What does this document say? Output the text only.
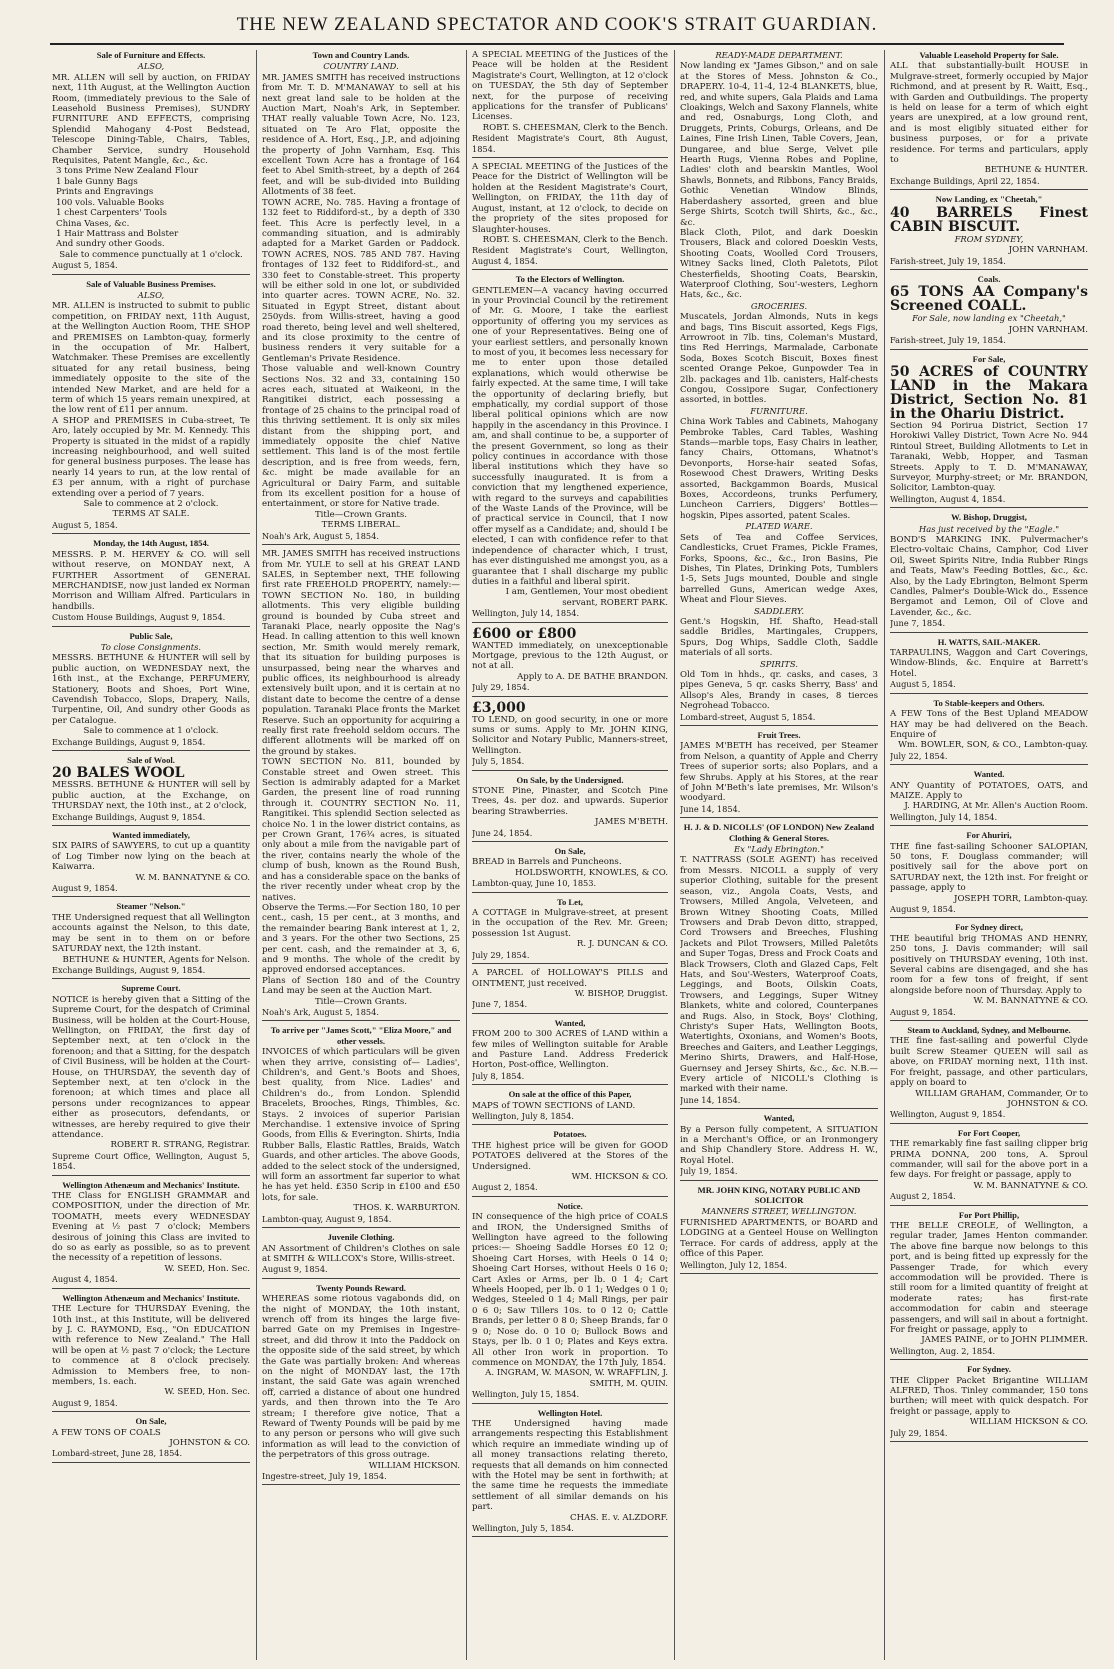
THE NEW ZEALAND SPECTATOR AND COOK'S STRAIT GUARDIAN.
Sale of Furniture and Effects.
ALSO,

MR. ALLEN will sell by auction, on FRIDAY next, 11th August, at the Wellington Auction Room, (immediately previous to the Sale of Leasehold Business Premises), SUNDRY FURNITURE AND EFFECTS, comprising Splendid Mahogany 4-Post Bedstead, Telescope Dining-Table, Chairs, Tables, Chamber Service, sundry Household Requisites, Patent Mangle, &c., &c.

3 tons Prime New Zealand Flour
1 bale Gunny Bags
Prints and Engravings
100 vols. Valuable Books
1 chest Carpenters' Tools
China Vases, &c.
1 Hair Mattrass and Bolster
And sundry other Goods.

Sale to commence punctually at 1 o'clock.

August 5, 1854.

Sale of Valuable Business Premises.
ALSO,

MR. ALLEN is instructed to submit to public competition, on FRIDAY next, 11th August, at the Wellington Auction Room, THE SHOP and PREMISES on Lambton-quay, formerly in the occupation of Mr. Halbert, Watchmaker. These Premises are excellently situated for any retail business, being immediately opposite to the site of the intended New Market, and are held for a term of which 15 years remain unexpired, at the low rent of £11 per annum.

A SHOP and PREMISES in Cuba-street, Te Aro, lately occupied by Mr. M. Kennedy. This Property is situated in the midst of a rapidly increasing neighbourhood, and well suited for general business purposes. The lease has nearly 14 years to run, at the low rental of £3 per annum, with a right of purchase extending over a period of 7 years.

Sale to commence at 2 o'clock.

TERMS AT SALE.

August 5, 1854.

Monday, the 14th August, 1854.

MESSRS. P. M. HERVEY & CO. will sell without reserve, on MONDAY next, A FURTHER Assortment of GENERAL MERCHANDISE, now just landed ex Norman Morrison and William Alfred. Particulars in handbills.

Custom House Buildings, August 9, 1854.

Public Sale,
To close Consignments.

MESSRS. BETHUNE & HUNTER will sell by public auction, on WEDNESDAY next, the 16th inst., at the Exchange, PERFUMERY, Stationery, Boots and Shoes, Port Wine, Cavendish Tobacco, Slops, Drapery, Nails, Turpentine, Oil, And sundry other Goods as per Catalogue.

Sale to commence at 1 o'clock.

Exchange Buildings, August 9, 1854.

Sale of Wool.

20 BALES WOOL

MESSRS. BETHUNE & HUNTER will sell by public auction, at the Exchange, on THURSDAY next, the 10th inst., at 2 o'clock,

Exchange Buildings, August 9, 1854.

Wanted immediately,

SIX PAIRS of SAWYERS, to cut up a quantity of Log Timber now lying on the beach at Kaiwarra.

W. M. BANNATYNE & CO.

August 9, 1854.

Steamer "Nelson."

THE Undersigned request that all Wellington accounts against the Nelson, to this date, may be sent in to them on or before SATURDAY next, the 12th instant.

BETHUNE & HUNTER, Agents for Nelson.

Exchange Buildings, August 9, 1854.

Supreme Court.

NOTICE is hereby given that a Sitting of the Supreme Court, for the despatch of Criminal Business, will be holden at the Court-House, Wellington, on FRIDAY, the first day of September next, at ten o'clock in the forenoon; and that a Sitting, for the despatch of Civil Business, will be holden at the Court-House, on THURSDAY, the seventh day of September next, at ten o'clock in the forenoon; at which times and place all persons under recognizances to appear either as prosecutors, defendants, or witnesses, are hereby required to give their attendance.

ROBERT R. STRANG, Registrar.

Supreme Court Office, Wellington, August 5, 1854.

Wellington Athenæum and Mechanics' Institute.

THE Class for ENGLISH GRAMMAR and COMPOSITION, under the direction of Mr. TOOMATH, meets every WEDNESDAY Evening at ½ past 7 o'clock; Members desirous of joining this Class are invited to do so as early as possible, so as to prevent the necessity of a repetition of lessons.

W. SEED, Hon. Sec.

August 4, 1854.

Wellington Athenæum and Mechanics' Institute.

THE Lecture for THURSDAY Evening, the 10th inst., at this Institute, will be delivered by J. C. RAYMOND, Esq., "On EDUCATION with reference to New Zealand." The Hall will be open at ½ past 7 o'clock; the Lecture to commence at 8 o'clock precisely. Admission to Members free, to non-members, 1s. each.

W. SEED, Hon. Sec.

August 9, 1854.

On Sale,

A FEW TONS OF COALS

JOHNSTON & CO.

Lombard-street, June 28, 1854.

Town and Country Lands.
COUNTRY LAND.

MR. JAMES SMITH has received instructions from Mr. T. D. M'MANAWAY to sell at his next great land sale to be holden at the Auction Mart, Noah's Ark, in September. THAT really valuable Town Acre, No. 123, situated on Te Aro Flat, opposite the residence of A. Hort, Esq., J.P., and adjoining the property of John Varnham, Esq. This excellent Town Acre has a frontage of 164 feet to Abel Smith-street, by a depth of 264 feet, and will be sub-divided into Building Allotments of 38 feet.

TOWN ACRE, No. 785. Having a frontage of 132 feet to Riddiford-st., by a depth of 330 feet. This Acre is perfectly level, in a commanding situation, and is admirably adapted for a Market Garden or Paddock. TOWN ACRES, NOS. 785 AND 787. Having frontages of 132 feet to Riddiford-st., and 330 feet to Constable-street. This property will be either sold in one lot, or subdivided into quarter acres. TOWN ACRE, No. 32. Situated in Egypt Street, distant about 250yds. from Willis-street, having a good road thereto, being level and well sheltered, and its close proximity to the centre of business renders it very suitable for a Gentleman's Private Residence.

Those valuable and well-known Country Sections Nos. 32 and 33, containing 150 acres each, situated at Waikeoni, in the Rangitikei district, each possessing a frontage of 25 chains to the principal road of this thriving settlement. It is only six miles distant from the shipping port, and immediately opposite the chief Native settlement. This land is of the most fertile description, and is free from weeds, fern, &c. might be made available for an Agricultural or Dairy Farm, and suitable from its excellent position for a house of entertainment, or store for Native trade.

Title—Crown Grants.

TERMS LIBERAL.

Noah's Ark, August 5, 1854.

MR. JAMES SMITH has received instructions from Mr. YULE to sell at his GREAT LAND SALES, in September next, THE following first rate FREEHOLD PROPERTY, namely:— TOWN SECTION No. 180, in building allotments. This very eligible building ground is bounded by Cuba street and Taranaki Place, nearly opposite the Nag's Head. In calling attention to this well known section, Mr. Smith would merely remark, that its situation for building purposes is unsurpassed, being near the wharves and public offices, its neighbourhood is already extensively built upon, and it is certain at no distant date to become the centre of a dense population. Taranaki Place fronts the Market Reserve. Such an opportunity for acquiring a really first rate freehold seldom occurs. The different allotments will be marked off on the ground by stakes.

TOWN SECTION No. 811, bounded by Constable street and Owen street. This Section is admirably adapted for a Market Garden, the present line of road running through it. COUNTRY SECTION No. 11, Rangitikei. This splendid Section selected as choice No. 1 in the lower district contains, as per Crown Grant, 176¾ acres, is situated only about a mile from the navigable part of the river, contains nearly the whole of the clump of bush, known as the Round Bush, and has a considerable space on the banks of the river recently under wheat crop by the natives.

Observe the Terms.—For Section 180, 10 per cent., cash, 15 per cent., at 3 months, and the remainder bearing Bank interest at 1, 2, and 3 years. For the other two Sections, 25 per cent. cash, and the remainder at 3, 6, and 9 months. The whole of the credit by approved endorsed acceptances.

Plans of Section 180 and of the Country Land may be seen at the Auction Mart.

Title—Crown Grants.

Noah's Ark, August 5, 1854.

To arrive per "James Scott," "Eliza Moore," and other vessels.

INVOICES of which particulars will be given when they arrive, consisting of— Ladies', Children's, and Gent.'s Boots and Shoes, best quality, from Nice. Ladies' and Children's do., from London. Splendid Bracelets, Brooches, Rings, Thimbles, &c. Stays. 2 invoices of superior Parisian Merchandise. 1 extensive invoice of Spring Goods, from Ellis & Everington. Shirts, India Rubber Balls, Elastic Rattles, Braids, Watch Guards, and other articles. The above Goods, added to the select stock of the undersigned, will form an assortment far superior to what he has yet held. £350 Scrip in £100 and £50 lots, for sale.

THOS. K. WARBURTON.

Lambton-quay, August 9, 1854.

Juvenile Clothing.

AN Assortment of Children's Clothes on sale at SMITH & WILLCOX's Store, Willis-street.

August 9, 1854.

Twenty Pounds Reward.

WHEREAS some riotous vagabonds did, on the night of MONDAY, the 10th instant, wrench off from its hinges the large five-barred Gate on my Premises in Ingestre-street, and did throw it into the Paddock on the opposite side of the said street, by which the Gate was partially broken: And whereas on the night of MONDAY last, the 17th instant, the said Gate was again wrenched off, carried a distance of about one hundred yards, and then thrown into the Te Aro stream; I therefore give notice, That a Reward of Twenty Pounds will be paid by me to any person or persons who will give such information as will lead to the conviction of the perpetrators of this gross outrage.

WILLIAM HICKSON.

Ingestre-street, July 19, 1854.

A SPECIAL MEETING of the Justices of the Peace will be holden at the Resident Magistrate's Court, Wellington, at 12 o'clock on TUESDAY, the 5th day of September next, for the purpose of receiving applications for the transfer of Publicans' Licenses.

ROBT. S. CHEESMAN, Clerk to the Bench.

Resident Magistrate's Court, 8th August, 1854.

A SPECIAL MEETING of the Justices of the Peace for the District of Wellington will be holden at the Resident Magistrate's Court, Wellington, on FRIDAY, the 11th day of August, instant, at 12 o'clock, to decide on the propriety of the sites proposed for Slaughter-houses.

ROBT. S. CHEESMAN, Clerk to the Bench.

Resident Magistrate's Court, Wellington, August 4, 1854.

To the Electors of Wellington.

GENTLEMEN—A vacancy having occurred in your Provincial Council by the retirement of Mr. G. Moore, I take the earliest opportunity of offering you my services as one of your Representatives. Being one of your earliest settlers, and personally known to most of you, it becomes less necessary for me to enter upon those detailed explanations, which would otherwise be fairly expected. At the same time, I will take the opportunity of declaring briefly, but emphatically, my cordial support of those liberal political opinions which are now happily in the ascendancy in this Province. I am, and shall continue to be, a supporter of the present Government, so long as their policy continues in accordance with those liberal institutions which they have so successfully inaugurated. It is from a conviction that my lengthened experience, with regard to the surveys and capabilities of the Waste Lands of the Province, will be of practical service in Council, that I now offer myself as a Candidate; and, should I be elected, I can with confidence refer to that independence of character which, I trust, has ever distinguished me amongst you, as a guarantee that I shall discharge my public duties in a faithful and liberal spirit.

I am, Gentlemen, Your most obedient servant, ROBERT PARK.

Wellington, July 14, 1854.

£600 or £800

WANTED immediately, on unexceptionable Mortgage, previous to the 12th August, or not at all.

Apply to A. DE BATHE BRANDON.

July 29, 1854.

£3,000

TO LEND, on good security, in one or more sums or sums. Apply to Mr. JOHN KING, Solicitor and Notary Public, Manners-street, Wellington.

July 5, 1854.

On Sale, by the Undersigned.

STONE Pine, Pinaster, and Scotch Pine Trees, 4s. per doz. and upwards. Superior bearing Strawberries.

JAMES M'BETH.

June 24, 1854.

On Sale,

BREAD in Barrels and Puncheons.

HOLDSWORTH, KNOWLES, & CO.

Lambton-quay, June 10, 1853.

To Let,

A COTTAGE in Mulgrave-street, at present in the occupation of the Rev. Mr. Green; possession 1st August.

R. J. DUNCAN & CO.

July 29, 1854.

A PARCEL of HOLLOWAY'S PILLS and OINTMENT, just received.

W. BISHOP, Druggist.

June 7, 1854.

Wanted,

FROM 200 to 300 ACRES of LAND within a few miles of Wellington suitable for Arable and Pasture Land. Address Frederick Horton, Post-office, Wellington.

July 8, 1854.

On sale at the office of this Paper,

MAPS of TOWN SECTIONS of LAND.

Wellington, July 8, 1854.

Potatoes.

THE highest price will be given for GOOD POTATOES delivered at the Stores of the Undersigned.

WM. HICKSON & CO.

August 2, 1854.

Notice.

IN consequence of the high price of COALS and IRON, the Undersigned Smiths of Wellington have agreed to the following prices:— Shoeing Saddle Horses £0 12 0; Shoeing Cart Horses, with Heels 0 14 0; Shoeing Cart Horses, without Heels 0 16 0; Cart Axles or Arms, per lb. 0 1 4; Cart Wheels Hooped, per lb. 0 1 1; Wedges 0 1 0; Wedges, Steeled 0 1 4; Mall Rings, per pair 0 6 0; Saw Tillers 10s. to 0 12 0; Cattle Brands, per letter 0 8 0; Sheep Brands, far 0 9 0; Nose do. 0 10 0; Bullock Bows and Stays, per lb. 0 1 0; Plates and Keys extra. All other Iron work in proportion. To commence on MONDAY, the 17th July, 1854.

A. INGRAM, W. MASON, W. WRAFFLIN, J. SMITH, M. QUIN.

Wellington, July 15, 1854.

Wellington Hotel.

THE Undersigned having made arrangements respecting this Establishment which require an immediate winding up of all money transactions relating thereto, requests that all demands on him connected with the Hotel may be sent in forthwith; at the same time he requests the immediate settlement of all similar demands on his part.

CHAS. E. v. ALZDORF.

Wellington, July 5, 1854.

READY-MADE DEPARTMENT.

Now landing ex "James Gibson," and on sale at the Stores of Mess. Johnston & Co., DRAPERY. 10-4, 11-4, 12-4 BLANKETS, blue, red, and white supers, Gala Plaids and Lama Cloakings, Welch and Saxony Flannels, white and red, Osnaburgs, Long Cloth, and Druggets, Prints, Coburgs, Orleans, and De Laines, Fine Irish Linen, Table Covers, Jean, Dungaree, and blue Serge, Velvet pile Hearth Rugs, Vienna Robes and Popline, Ladies' cloth and bearskin Mantles, Wool Shawls, Bonnets, and Ribbons, Fancy Braids, Gothic Venetian Window Blinds, Haberdashery assorted, green and blue Serge Shirts, Scotch twill Shirts, &c., &c., &c.

Black Cloth, Pilot, and dark Doeskin Trousers, Black and colored Doeskin Vests, Shooting Coats, Woolled Cord Trousers, Witney Sacks lined, Cloth Paletots, Pilot Chesterfields, Shooting Coats, Bearskin, Waterproof Clothing, Sou'-westers, Leghorn Hats, &c., &c.

GROCERIES.

Muscatels, Jordan Almonds, Nuts in kegs and bags, Tins Biscuit assorted, Kegs Figs, Arrowroot in 7lb. tins, Coleman's Mustard, tins Red Herrings, Marmalade, Carbonate Soda, Boxes Scotch Biscuit, Boxes finest scented Orange Pekoe, Gunpowder Tea in 2lb. packages and 1lb. canisters, Half-chests Congou, Cossipore Sugar, Confectionery assorted, in bottles.

FURNITURE.

China Work Tables and Cabinets, Mahogany Pembroke Tables, Card Tables, Washing Stands—marble tops, Easy Chairs in leather, fancy Chairs, Ottomans, Whatnot's Devonports, Horse-hair seated Sofas, Rosewood Chest Drawers, Writing Desks assorted, Backgammon Boards, Musical Boxes, Accordeons, trunks Perfumery, Luncheon Carriers, Diggers' Bottles—hogskin, Pipes assorted, patent Scales.

PLATED WARE.

Sets of Tea and Coffee Services, Candlesticks, Cruet Frames, Pickle Frames, Forks, Spoons, &c., &c., Iron Basins, Pie Dishes, Tin Plates, Drinking Pots, Tumblers 1-5, Sets Jugs mounted, Double and single barrelled Guns, American wedge Axes, Wheat and Flour Sieves.

SADDLERY.

Gent.'s Hogskin, Hf. Shafto, Head-stall saddle Bridles, Martingales, Cruppers, Spurs, Dog Whips, Saddle Cloth, Saddle materials of all sorts.

SPIRITS.

Old Tom in hhds., qr. casks, and cases, 3 pipes Geneva, 5 qr. casks Sherry, Bass' and Allsop's Ales, Brandy in cases, 8 tierces Negrohead Tobacco.

Lombard-street, August 5, 1854.

Fruit Trees.

JAMES M'BETH has received, per Steamer from Nelson, a quantity of Apple and Cherry Trees of superior sorts; also Poplars, and a few Shrubs. Apply at his Stores, at the rear of John M'Beth's late premises, Mr. Wilson's woodyard.

June 14, 1854.

H. J. & D. NICOLLS' (OF LONDON) New Zealand Clothing & General Stores.
Ex "Lady Ebrington."

T. NATTRASS (SOLE AGENT) has received from Messrs. NICOLL a supply of very superior Clothing, suitable for the present season, viz., Angola Coats, Vests, and Trowsers, Milled Angola, Velveteen, and Brown Witney Shooting Coats, Milled Trowsers and Drab Devon ditto, strapped, Cord Trowsers and Breeches, Flushing Jackets and Pilot Trowsers, Milled Paletôts and Super Togas, Dress and Frock Coats and Black Trowsers, Cloth and Glazed Caps, Felt Hats, and Sou'-Westers, Waterproof Coats, Leggings, and Boots, Oilskin Coats, Trowsers, and Leggings, Super Witney Blankets, white and colored, Counterpanes and Rugs. Also, in Stock, Boys' Clothing, Christy's Super Hats, Wellington Boots, Watertights, Oxonians, and Women's Boots, Breeches and Gaiters, and Leather Leggings, Merino Shirts, Drawers, and Half-Hose, Guernsey and Jersey Shirts, &c., &c. N.B.—Every article of NICOLL's Clothing is marked with their name.

June 14, 1854.

Wanted,

By a Person fully competent, A SITUATION in a Merchant's Office, or an Ironmongery and Ship Chandlery Store. Address H. W., Royal Hotel.

July 19, 1854.

MR. JOHN KING, NOTARY PUBLIC AND SOLICITOR
MANNERS STREET, WELLINGTON.

FURNISHED APARTMENTS, or BOARD and LODGING at a Genteel House on Wellington Terrace. For cards of address, apply at the office of this Paper.

Wellington, July 12, 1854.

Valuable Leasehold Property for Sale.

ALL that substantially-built HOUSE in Mulgrave-street, formerly occupied by Major Richmond, and at present by R. Waitt, Esq., with Garden and Outbuildings. The property is held on lease for a term of which eight years are unexpired, at a low ground rent, and is most eligibly situated either for business purposes, or for a private residence. For terms and particulars, apply to

BETHUNE & HUNTER.

Exchange Buildings, April 22, 1854.

Now Landing, ex "Cheetah,"

40 BARRELS Finest CABIN BISCUIT.

FROM SYDNEY,

JOHN VARNHAM.

Farish-street, July 19, 1854.

Coals.

65 TONS AA Company's Screened COALL.

For Sale, now landing ex "Cheetah,"

JOHN VARNHAM.

Farish-street, July 19, 1854.

For Sale,

50 ACRES of COUNTRY LAND in the Makara District, Section No. 81 in the Ohariu District.

Section 94 Porirua District, Section 17 Horokiwi Valley District, Town Acre No. 944 Rintoul Street, Building Allotments to Let in Taranaki, Webb, Hopper, and Tasman Streets. Apply to T. D. M'MANAWAY, Surveyor, Murphy-street; or Mr. BRANDON, Solicitor, Lambton-quay.

Wellington, August 4, 1854.

W. Bishop, Druggist,
Has just received by the "Eagle."

BOND'S MARKING INK. Pulvermacher's Electro-voltaic Chains, Camphor, Cod Liver Oil, Sweet Spirits Nitre, India Rubber Rings and Teats, Maw's Feeding Bottles, &c., &c. Also, by the Lady Ebrington, Belmont Sperm Candles, Palmer's Double-Wick do., Essence Bergamot and Lemon, Oil of Clove and Lavender, &c., &c.

June 7, 1854.

H. WATTS, SAIL-MAKER.

TARPAULINS, Waggon and Cart Coverings, Window-Blinds, &c. Enquire at Barrett's Hotel.

August 5, 1854.

To Stable-keepers and Others.

A FEW Tons of the Best Upland MEADOW HAY may be had delivered on the Beach. Enquire of

Wm. BOWLER, SON, & CO., Lambton-quay.

July 22, 1854.

Wanted.

ANY Quantity of POTATOES, OATS, and MAIZE. Apply to

J. HARDING, At Mr. Allen's Auction Room.

Wellington, July 14, 1854.

For Ahuriri,

THE fine fast-sailing Schooner SALOPIAN, 50 tons, F. Douglass commander; will positively sail for the above port on SATURDAY next, the 12th inst. For freight or passage, apply to

JOSEPH TORR, Lambton-quay.

August 9, 1854.

For Sydney direct,

THE beautiful brig THOMAS AND HENRY, 250 tons, J. Davis commander; will sail positively on THURSDAY evening, 10th inst. Several cabins are disengaged, and she has room for a few tons of freight, if sent alongside before noon of Thursday. Apply to

W. M. BANNATYNE & CO.

August 9, 1854.

Steam to Auckland, Sydney, and Melbourne.

THE fine fast-sailing and powerful Clyde built Screw Steamer QUEEN will sail as above, on FRIDAY morning next, 11th inst. For freight, passage, and other particulars, apply on board to

WILLIAM GRAHAM, Commander, Or to JOHNSTON & CO.

Wellington, August 9, 1854.

For Fort Cooper,

THE remarkably fine fast sailing clipper brig PRIMA DONNA, 200 tons, A. Sproul commander, will sail for the above port in a few days. For freight or passage, apply to

W. M. BANNATYNE & CO.

August 2, 1854.

For Port Phillip,

THE BELLE CREOLE, of Wellington, a regular trader, James Henton commander. The above fine barque now belongs to this port, and is being fitted up expressly for the Passenger Trade, for which every accommodation will be provided. There is still room for a limited quantity of freight at moderate rates; has first-rate accommodation for cabin and steerage passengers, and will sail in about a fortnight. For freight or passage, apply to

JAMES PAINE, or to JOHN PLIMMER.

Wellington, Aug. 2, 1854.

For Sydney.

THE Clipper Packet Brigantine WILLIAM ALFRED, Thos. Tinley commander, 150 tons burthen; will meet with quick despatch. For freight or passage, apply to

WILLIAM HICKSON & CO.

July 29, 1854.
